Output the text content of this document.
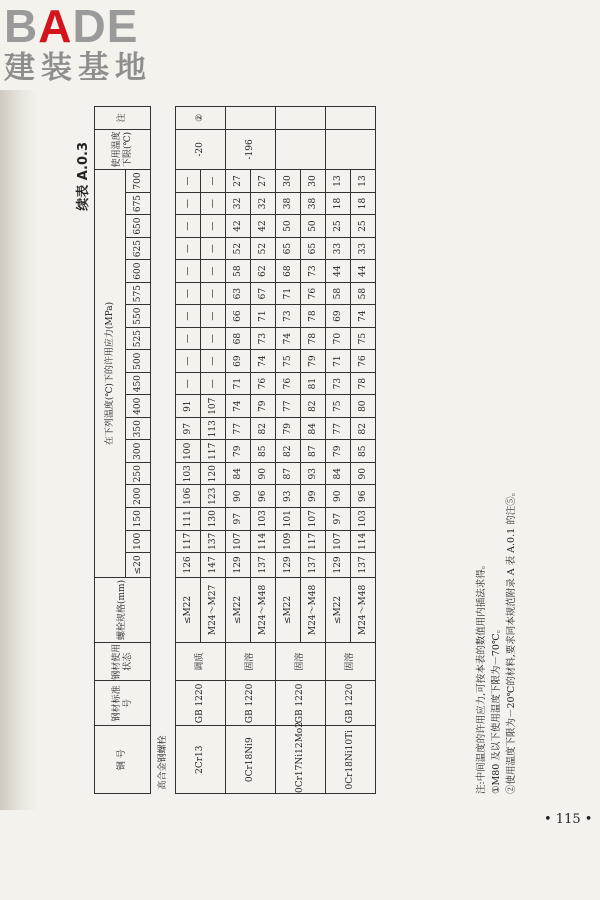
BADE
建装基地
续表 A.0.3
钢 号	钢材标准号	钢材使用状态	螺栓规格(mm)	在下列温度(℃)下的许用应力(MPa)																		使用温度下限(℃)	注
				≤20	100	150	200	250	300	350	400	450	500	525	550	575	600	625	650	675	700		
高合金钢螺栓																							
2Cr13	GB 1220	调质	≤M22	126	117	111	106	103	100	97	91	—	—	—	—	—	—	—	—	—	—	-20	②
			M24～M27	147	137	130	123	120	117	113	107	—	—	—	—	—	—	—	—	—	—		
0Cr18Ni9	GB 1220	固溶	≤M22	129	107	97	90	84	79	77	74	71	69	68	66	63	58	52	42	32	27	-196	
			M24～M48	137	114	103	96	90	85	82	79	76	74	73	71	67	62	52	42	32	27		
0Cr17Ni12Mo2	GB 1220	固溶	≤M22	129	109	101	93	87	82	79	77	76	75	74	73	71	68	65	50	38	30		
			M24～M48	137	117	107	99	93	87	84	82	81	79	78	78	76	73	65	50	38	30		
0Cr18Ni10Ti	GB 1220	固溶	≤M22	129	107	97	90	84	79	77	75	73	71	70	69	58	44	33	25	18	13		
			M24～M48	137	114	103	96	90	85	82	80	78	76	75	74	58	44	33	25	18	13		
注:中间温度的许用应力,可按本表的数值用内插法求得。 ①M80 及以下使用温度下限为－70℃。 ②使用温度下限为－20℃的材料,要求同本规范附录 A 表 A.0.1 的注⑤。
• 115 •
